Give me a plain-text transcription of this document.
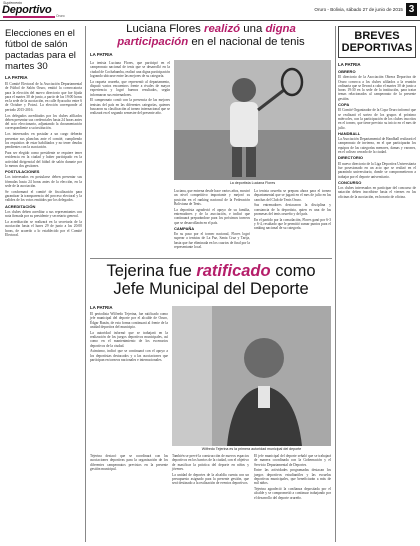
Suplemento
Deportivo Oruro
Oruro - Bolivia, sábado 27 de junio de 2015 3
Elecciones en el fútbol de salón pactadas para el martes 30
LA PATRIA

El Comité Electoral de la Asociación Departamental de Fútbol de Salón Oruro, emitió la convocatoria para la elección del nuevo directorio que fue fijada para el martes 30 de junio, a partir de las 19:00 horas en la sede de la asociación, en calle Ayacucho entre 6 de Octubre y Potosí. La elección corresponde al periodo 2015-2016.

Los delegados acreditados por los clubes afiliados deben presentar sus credenciales hasta 24 horas antes del acto eleccionario, adjuntando la documentación correspondiente a su institución.

Los interesados en postular a un cargo deberán presentar sus planchas ante el comité, cumpliendo los requisitos de estar habilitados y no tener deudas pendientes con la asociación.

Para ser elegido como presidente se requiere tener residencia en la ciudad y haber participado en la actividad dirigencial del fútbol de salón durante por lo menos dos gestiones.

POSTULACIONES

Los interesados en postularse deben presentar sus fórmulas hasta 24 horas antes de la elección, en la sede de la asociación.

Se conformará el comité de fiscalización para garantizar la transparencia del proceso electoral y la validez de los votos emitidos por los delegados.

ACREDITACIÓN

Los clubes deben acreditar a sus representantes con nota firmada por su presidente y secretario general.

La acreditación se realizará en la secretaría de la asociación hasta el lunes 29 de junio a las 20:00 horas, de acuerdo a lo establecido por el Comité Electoral.

Luciana Flores realizó una digna
participación en el nacional de tenis
LA PATRIA

La tenista Luciana Flores, que participó en el campeonato nacional de tenis que se desarrolló en la ciudad de Cochabamba, realizó una digna participación logrando ubicarse entre las mejores de su categoría.

La raqueta orureña, que representó al departamento, disputó varios encuentros frente a rivales de mayor experiencia y logró buenos resultados, según informaron sus entrenadores.

El campeonato contó con la presencia de las mejores tenistas del país en las diferentes categorías, quienes buscaron su clasificación al torneo internacional que se realizará en el segundo semestre del presente año.

La deportista Luciana Flores

Luciana, que entrena desde hace varios años, mostró un nivel competitivo importante y mejoró su posición en el ranking nacional de la Federación Boliviana de Tenis.

La deportista agradeció el apoyo de su familia, entrenadores y de la asociación, e indicó que continuará preparándose para los próximos torneos que se desarrollarán en el país.

CAMPAÑA

En su paso por el torneo nacional, Flores logró superar a tenistas de La Paz, Santa Cruz y Tarija, hasta que fue eliminada en los cuartos de final por la representante local.

La tenista orureña se prepara ahora para el torneo departamental que se jugará en el mes de julio en las canchas del Club de Tenis Oruro.

Sus entrenadores destacaron la disciplina y constancia de la deportista, quien es una de las promesas del tenis orureño y del país.

En el partido por la consolación, Flores ganó por 6-3 y 6-4, resultado que le permitió sumar puntos para el ranking nacional de su categoría.

Tejerina fue ratificado como
Jefe Municipal del Deporte
LA PATRIA

El periodista Wilfredo Tejerina, fue ratificado como jefe municipal del deporte por el alcalde de Oruro, Édgar Bazán, de esta forma continuará al frente de la unidad deportiva del municipio.

La autoridad informó que se trabajará en la realización de los juegos deportivos municipales, así como en el mantenimiento de los escenarios deportivos de la ciudad.

Asimismo, indicó que se continuará con el apoyo a los deportistas destacados y a las asociaciones que participan en torneos nacionales e internacionales.

Wilfredo Tejerina es la primera autoridad municipal del deporte

Tejerina destacó que se coordinará con las asociaciones deportivas para la organización de los diferentes campeonatos previstos en la presente gestión municipal.

También se prevé la construcción de nuevos espacios deportivos en los barrios de la ciudad, con el objetivo de masificar la práctica del deporte en niños y jóvenes.

La unidad de deportes de la alcaldía cuenta con un presupuesto asignado para la presente gestión, que será destinado a la realización de eventos deportivos.

El jefe municipal del deporte señaló que se trabajará de manera coordinada con la Gobernación y el Servicio Departamental de Deportes.

Entre las actividades programadas destacan los juegos deportivos estudiantiles y las escuelas deportivas municipales, que beneficiarán a más de mil niños.

Tejerina agradeció la confianza depositada por el alcalde y se comprometió a continuar trabajando por el desarrollo del deporte orureño.

BREVES
DEPORTIVAS
LA PATRIA
OBRERO

El directorio de la Asociación Obrera Deportiva de Oruro convoca a los clubes afiliados a la reunión ordinaria que se llevará a cabo el martes 30 de junio a horas 19:30 en la sede de la institución, para tratar temas relacionados al campeonato de la presente gestión.

COPA

El Comité Organizador de la Copa Oruro informó que se realizará el sorteo de los grupos el próximo miércoles, con la participación de los clubes inscritos en el torneo, que tiene previsto su inicio en el mes de julio.

HANDBALL

La Asociación Departamental de Handball realizará el campeonato de invierno, en el que participarán los equipos de las categorías menores, damas y varones, en el coliseo cerrado de la ciudad.

DIRECTORIO

El nuevo directorio de la Liga Deportiva Universitaria fue posesionado en un acto que se realizó en el paraninfo universitario, donde se comprometieron a trabajar por el deporte universitario.

CONCURSO

Los clubes interesados en participar del concurso de natación deben inscribirse hasta el viernes en las oficinas de la asociación, en horario de oficina.
